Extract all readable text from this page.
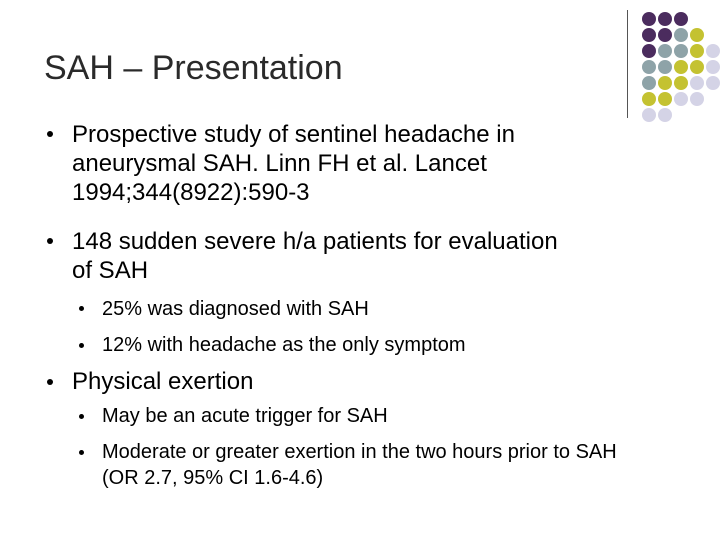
SAH – Presentation
Prospective study of sentinel headache in aneurysmal SAH. Linn FH et al. Lancet 1994;344(8922):590-3
148 sudden severe h/a patients for evaluation of SAH
25% was diagnosed with SAH
12% with headache as the only symptom
Physical exertion
May be an acute trigger for SAH
Moderate or greater exertion in the two hours prior to SAH (OR 2.7, 95% CI 1.6-4.6)
